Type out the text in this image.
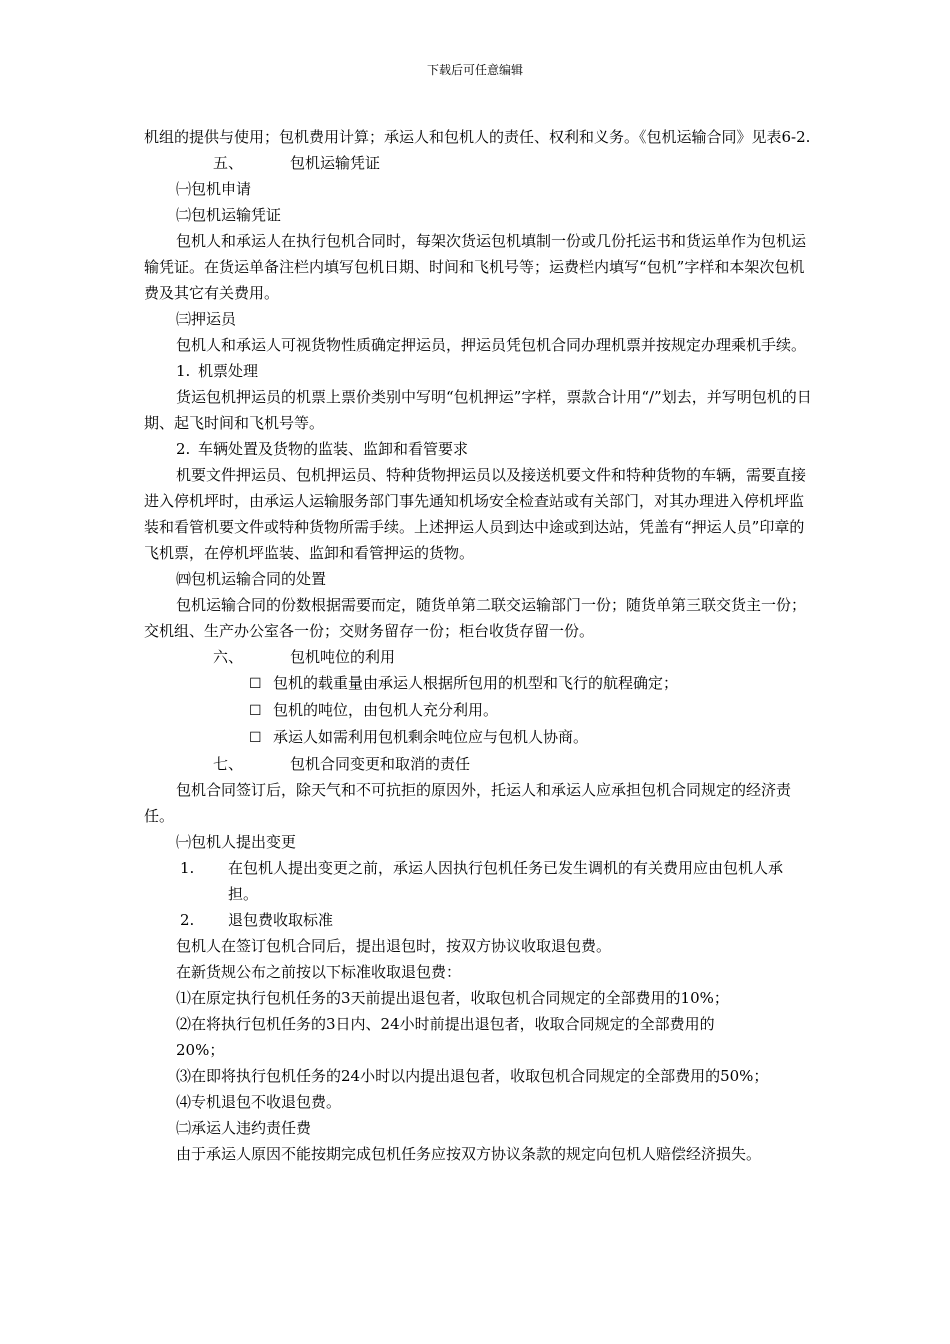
下载后可任意编辑

机组的提供与使用；包机费用计算；承运人和包机人的责任、权利和义务。《包机运输合同》见表6-2.

五、	包机运输凭证

㈠包机申请

㈡包机运输凭证

包机人和承运人在执行包机合同时，每架次货运包机填制一份或几份托运书和货运单作为包机运输凭证。在货运单备注栏内填写包机日期、时间和飞机号等；运费栏内填写“包机”字样和本架次包机费及其它有关费用。

㈢押运员

包机人和承运人可视货物性质确定押运员，押运员凭包机合同办理机票并按规定办理乘机手续。

1. 机票处理

货运包机押运员的机票上票价类别中写明“包机押运”字样，票款合计用“/”划去，并写明包机的日期、起飞时间和飞机号等。

2. 车辆处置及货物的监装、监卸和看管要求

机要文件押运员、包机押运员、特种货物押运员以及接送机要文件和特种货物的车辆，需要直接进入停机坪时，由承运人运输服务部门事先通知机场安全检查站或有关部门，对其办理进入停机坪监装和看管机要文件或特种货物所需手续。上述押运人员到达中途或到达站，凭盖有“押运人员”印章的飞机票，在停机坪监装、监卸和看管押运的货物。

㈣包机运输合同的处置

包机运输合同的份数根据需要而定，随货单第二联交运输部门一份；随货单第三联交货主一份；交机组、生产办公室各一份；交财务留存一份；柜台收货存留一份。

六、	包机吨位的利用

☐ 包机的载重量由承运人根据所包用的机型和飞行的航程确定；

☐ 包机的吨位，由包机人充分利用。

☐ 承运人如需利用包机剩余吨位应与包机人协商。

七、	包机合同变更和取消的责任

包机合同签订后，除天气和不可抗拒的原因外，托运人和承运人应承担包机合同规定的经济责任。

㈠包机人提出变更

1.	在包机人提出变更之前，承运人因执行包机任务已发生调机的有关费用应由包机人承担。
2.	退包费收取标准

包机人在签订包机合同后，提出退包时，按双方协议收取退包费。

在新货规公布之前按以下标准收取退包费：

⑴在原定执行包机任务的3天前提出退包者，收取包机合同规定的全部费用的10%；

⑵在将执行包机任务的3日内、24小时前提出退包者，收取合同规定的全部费用的
20%；

⑶在即将执行包机任务的24小时以内提出退包者，收取包机合同规定的全部费用的50%；

⑷专机退包不收退包费。

㈡承运人违约责任费

由于承运人原因不能按期完成包机任务应按双方协议条款的规定向包机人赔偿经济损失。
